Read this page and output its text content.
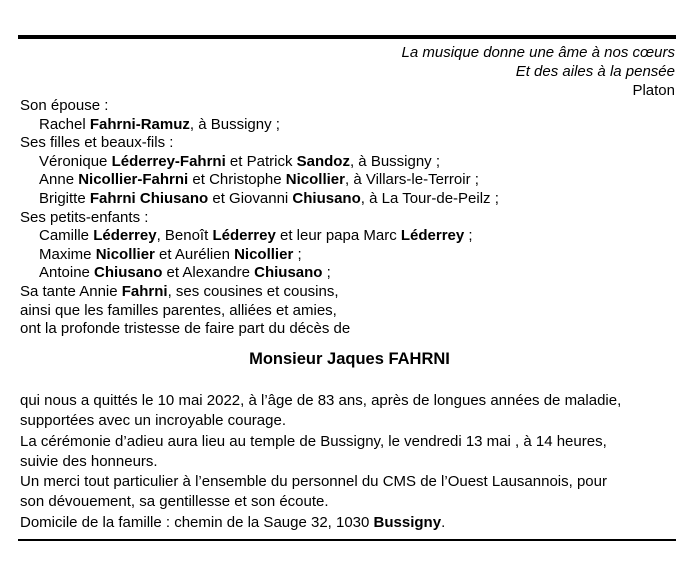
La musique donne une âme à nos cœurs
Et des ailes à la pensée
Platon
Son épouse :
Rachel Fahrni-Ramuz, à Bussigny ;
Ses filles et beaux-fils :
Véronique Léderrey-Fahrni et Patrick Sandoz, à Bussigny ;
Anne Nicollier-Fahrni et Christophe Nicollier, à Villars-le-Terroir ;
Brigitte Fahrni Chiusano et Giovanni Chiusano, à La Tour-de-Peilz ;
Ses petits-enfants :
Camille Léderrey, Benoît Léderrey et leur papa Marc Léderrey ;
Maxime Nicollier et Aurélien Nicollier ;
Antoine Chiusano et Alexandre Chiusano ;
Sa tante Annie Fahrni, ses cousines et cousins,
ainsi que les familles parentes, alliées et amies,
ont la profonde tristesse de faire part du décès de
Monsieur Jaques FAHRNI
qui nous a quittés le 10 mai 2022, à l’âge de 83 ans, après de longues années de maladie,
supportées avec un incroyable courage.
La cérémonie d’adieu aura lieu au temple de Bussigny, le vendredi 13 mai , à 14 heures,
suivie des honneurs.
Un merci tout particulier à l’ensemble du personnel du CMS de l’Ouest Lausannois, pour
son dévouement, sa gentillesse et son écoute.
Domicile de la famille : chemin de la Sauge 32, 1030 Bussigny.
